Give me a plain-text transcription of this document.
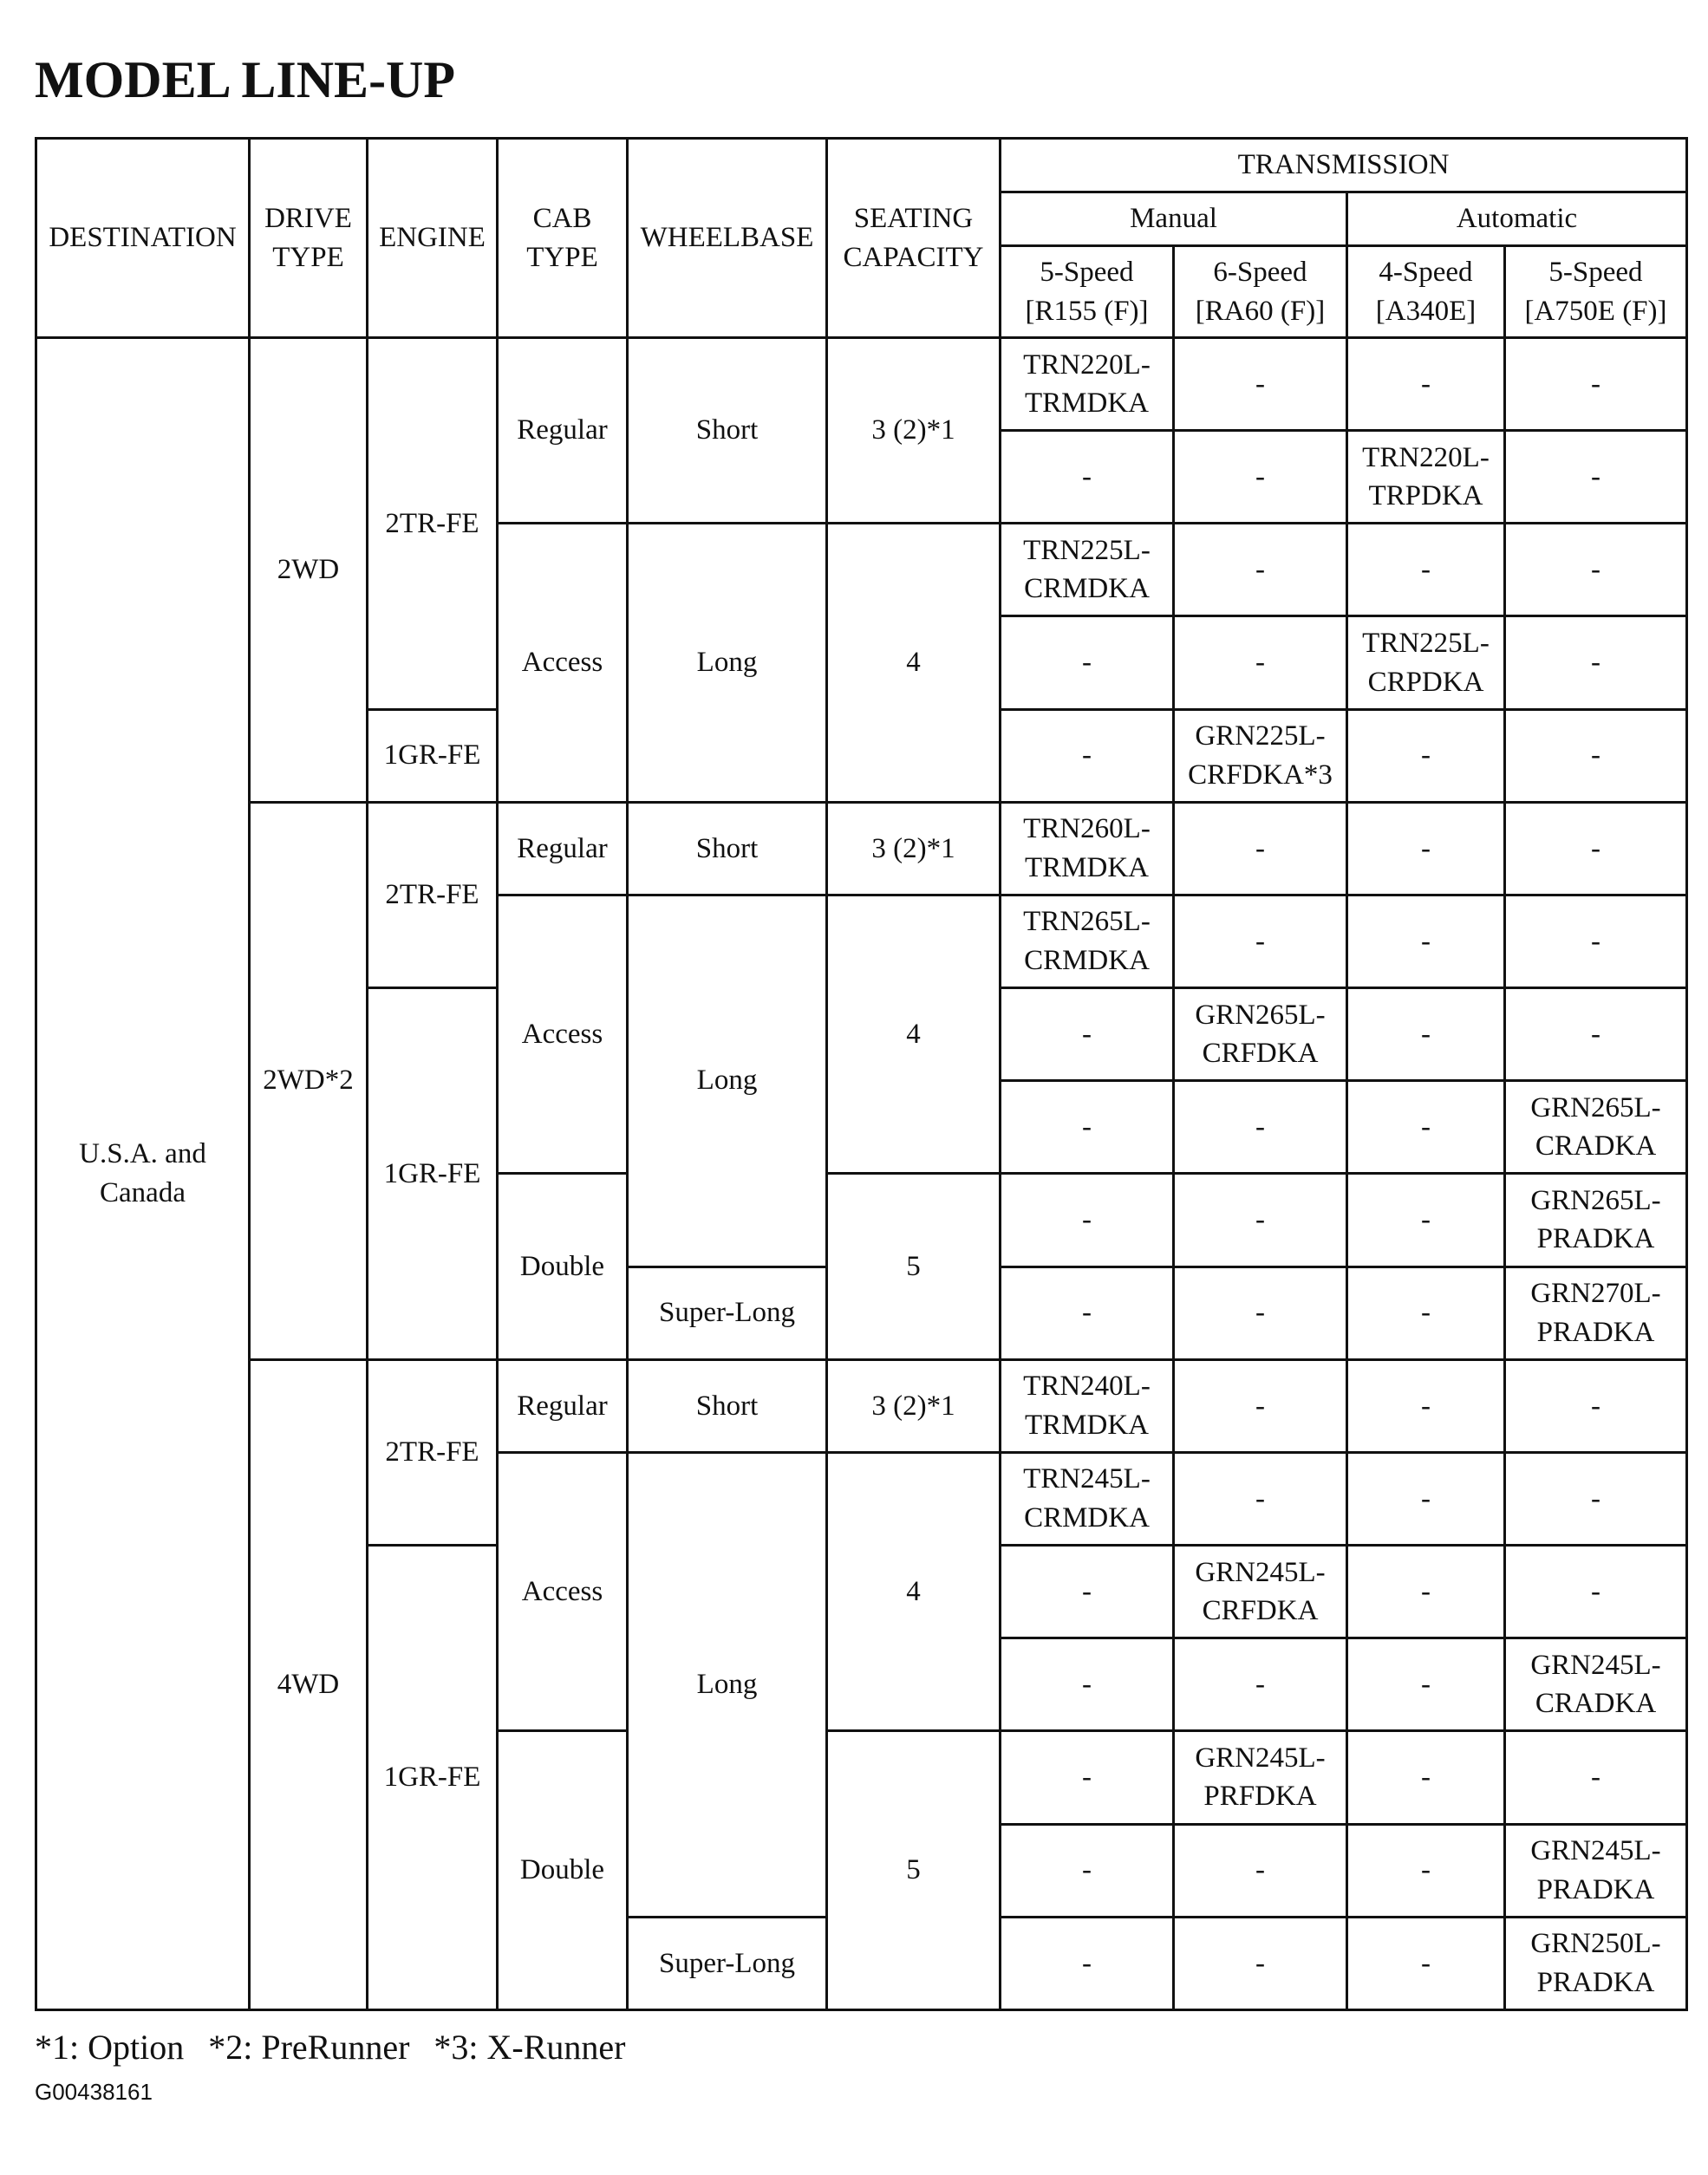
MODEL LINE-UP
DESTINATION	DRIVE TYPE	ENGINE	CAB TYPE	WHEELBASE	SEATING CAPACITY	TRANSMISSION			
						Manual		Automatic	
						5-Speed [R155 (F)]	6-Speed [RA60 (F)]	4-Speed [A340E]	5-Speed [A750E (F)]
U.S.A. and Canada	2WD	2TR-FE	Regular	Short	3 (2)*1	TRN220L-TRMDKA	-	-	-
						-	-	TRN220L-TRPDKA	-
			Access	Long	4	TRN225L-CRMDKA	-	-	-
						-	-	TRN225L-CRPDKA	-
		1GR-FE				-	GRN225L-CRFDKA*3	-	-
	2WD*2	2TR-FE	Regular	Short	3 (2)*1	TRN260L-TRMDKA	-	-	-
			Access	Long	4	TRN265L-CRMDKA	-	-	-
		1GR-FE				-	GRN265L-CRFDKA	-	-
						-	-	-	GRN265L-CRADKA
			Double		5	-	-	-	GRN265L-PRADKA
				Super-Long		-	-	-	GRN270L-PRADKA
	4WD	2TR-FE	Regular	Short	3 (2)*1	TRN240L-TRMDKA	-	-	-
			Access	Long	4	TRN245L-CRMDKA	-	-	-
		1GR-FE				-	GRN245L-CRFDKA	-	-
						-	-	-	GRN245L-CRADKA
			Double		5	-	GRN245L-PRFDKA	-	-
						-	-	-	GRN245L-PRADKA
				Super-Long		-	-	-	GRN250L-PRADKA
*1: Option *2: PreRunner *3: X-Runner
G00438161
